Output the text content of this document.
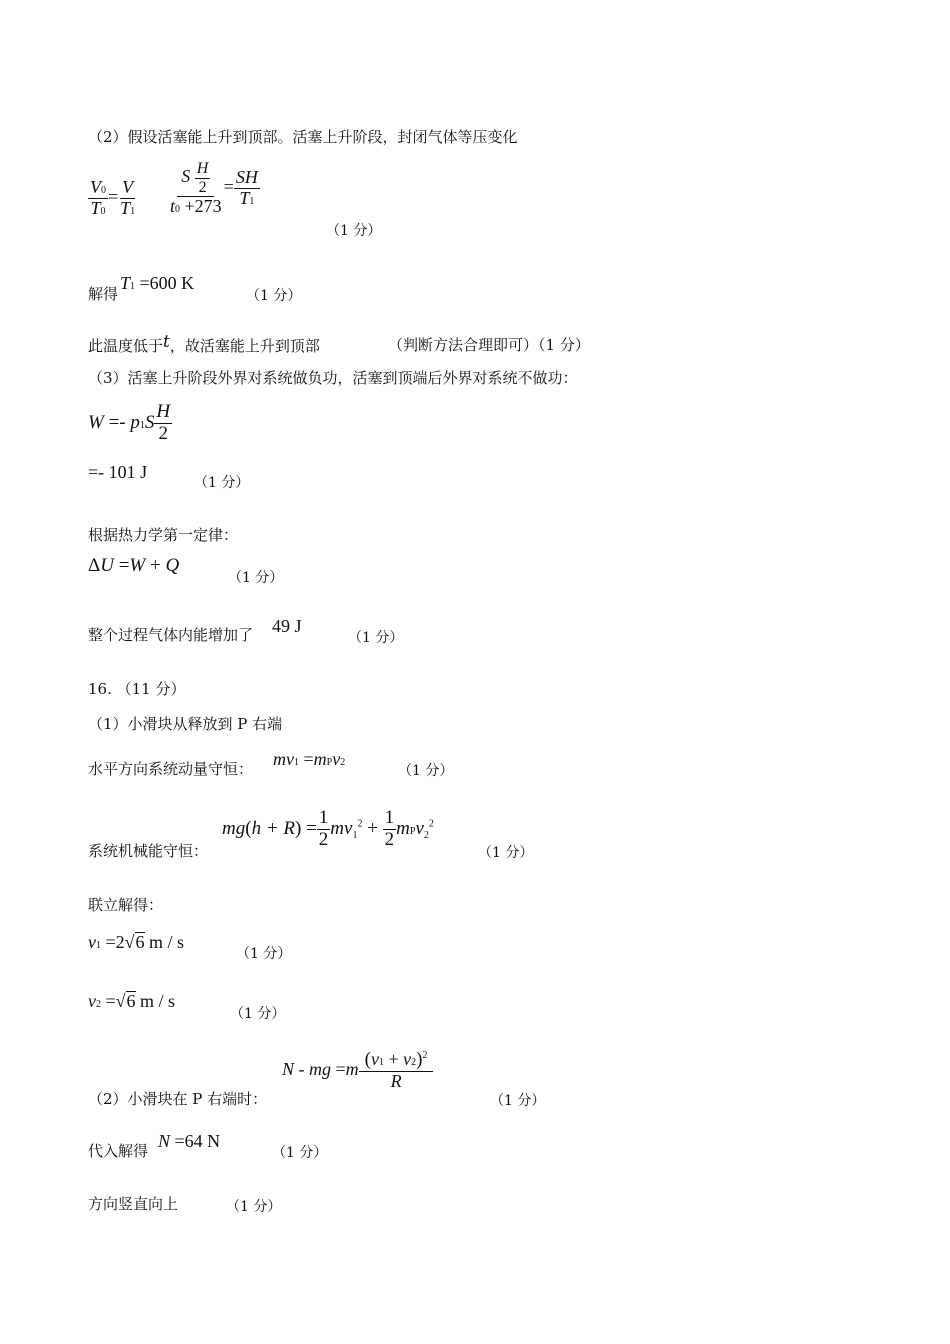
（2）假设活塞能上升到顶部。活塞上升阶段，封闭气体等压变化
$\frac{V0}{T0} = \frac{V}{T1} \frac{S \frac{H}{2}}{t0 +273} = \frac{SH}{T1}$
（1 分）
解得
T1 =600 K
（1 分）
此温度低于t，故活塞能上升到顶部	（判断方法合理即可）（1 分）
（3）活塞上升阶段外界对系统做负功，活塞到顶端后外界对系统不做功：
$W =- p1S \frac{H}{2}$
=- 101 J
（1 分）
根据热力学第一定律：
ΔU =W + Q
（1 分）
整个过程气体内能增加了 49 J
（1 分）
16. （11 分）
（1）小滑块从释放到 P 右端
水平方向系统动量守恒： mv1 =mPv2
（1 分）
系统机械能守恒：
$mg(h + R) = \frac{1}{2} mv_1^2 + \frac{1}{2} mPv_2^2$
（1 分）
联立解得：
v1 =2√6 m / s
（1 分）
v2 =√6 m / s
（1 分）
（2）小滑块在 P 右端时：
N - mg $=m \frac{(v1 + v2)^2}{R}$
（1 分）
代入解得 N =64 N
（1 分）
方向竖直向上	（1 分）
